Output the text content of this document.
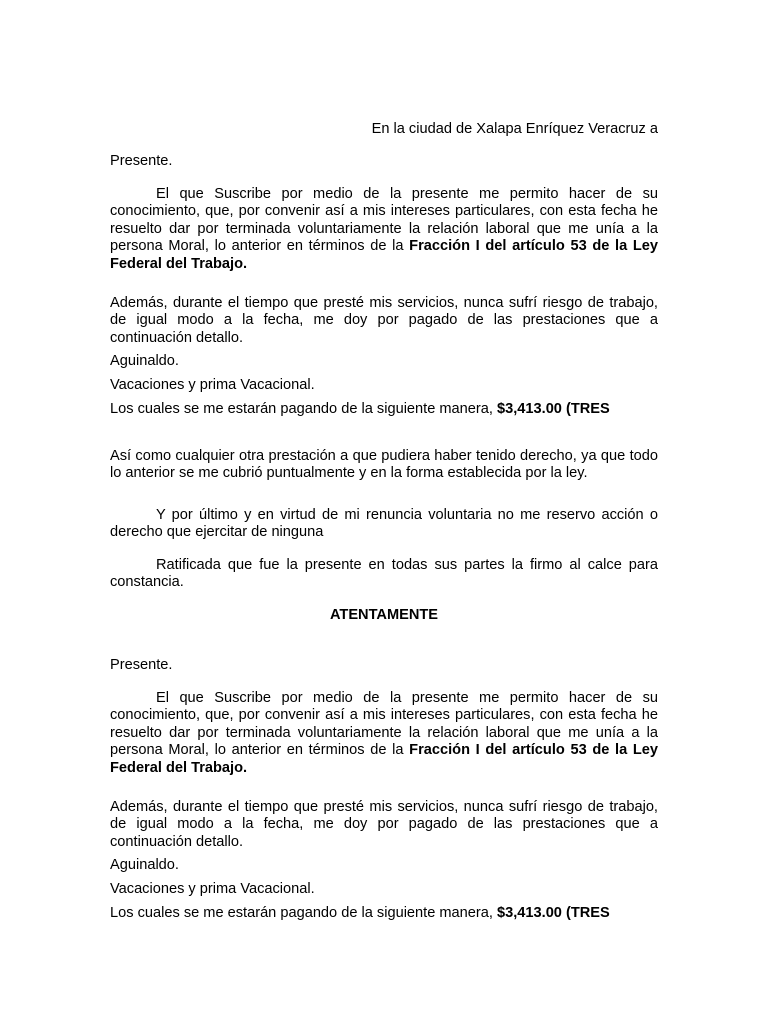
En la ciudad de Xalapa Enríquez Veracruz a
Presente.
El que Suscribe por medio de la presente me permito hacer de su conocimiento, que, por convenir así a mis intereses particulares, con esta fecha he resuelto dar por terminada voluntariamente la relación laboral que me unía a la persona Moral, lo anterior en términos de la Fracción I del artículo 53 de la Ley Federal del Trabajo.
Además, durante el tiempo que presté mis servicios, nunca sufrí riesgo de trabajo, de igual modo a la fecha, me doy por pagado de las prestaciones que a continuación detallo.
Aguinaldo.
Vacaciones y prima Vacacional.
Los cuales se me estarán pagando de la siguiente manera, $3,413.00 (TRES
Así como cualquier otra prestación a que pudiera haber tenido derecho, ya que todo lo anterior se me cubrió puntualmente y en la forma establecida por la ley.
Y por último y en virtud de mi renuncia voluntaria no me reservo acción o derecho que ejercitar de ninguna
Ratificada que fue la presente en todas sus partes la firmo al calce para constancia.
ATENTAMENTE
Presente.
El que Suscribe por medio de la presente me permito hacer de su conocimiento, que, por convenir así a mis intereses particulares, con esta fecha he resuelto dar por terminada voluntariamente la relación laboral que me unía a la persona Moral, lo anterior en términos de la Fracción I del artículo 53 de la Ley Federal del Trabajo.
Además, durante el tiempo que presté mis servicios, nunca sufrí riesgo de trabajo, de igual modo a la fecha, me doy por pagado de las prestaciones que a continuación detallo.
Aguinaldo.
Vacaciones y prima Vacacional.
Los cuales se me estarán pagando de la siguiente manera, $3,413.00 (TRES
